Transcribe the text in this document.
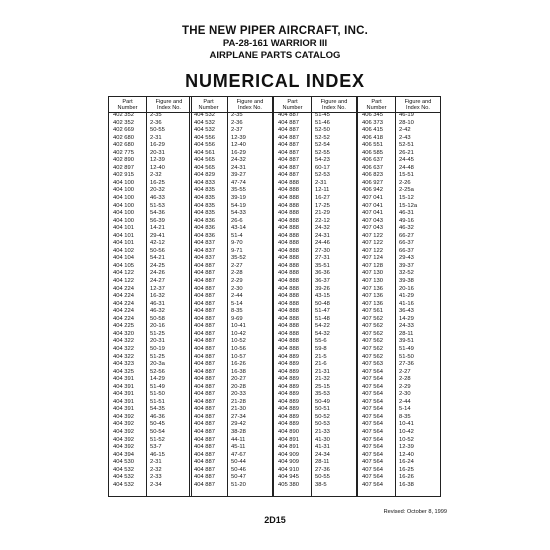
THE NEW PIPER AIRCRAFT, INC.
PA-28-161 WARRIOR III
AIRPLANE PARTS CATALOG
NUMERICAL INDEX
Part
Number
Figure and
Index No.
402 352	2-35
402 352	2-36
402 669	50-55
402 680	2-31
402 680	16-29
402 775	20-31
402 890	12-39
402 897	12-40
402 915	2-32
404 100	16-25
404 100	20-32
404 100	46-33
404 100	51-53
404 100	54-36
404 100	56-39
404 101	14-21
404 101	29-41
404 101	42-12
404 102	50-56
404 104	54-21
404 105	24-25
404 122	24-26
404 122	24-27
404 224	12-37
404 224	16-32
404 224	46-31
404 224	46-32
404 224	50-58
404 225	20-16
404 320	51-25
404 322	20-31
404 322	50-19
404 322	51-25
404 323	20-3a
404 325	52-56
404 391	14-29
404 391	51-49
404 391	51-50
404 391	51-51
404 391	54-35
404 392	46-36
404 392	50-45
404 392	50-54
404 392	51-52
404 392	53-7
404 394	46-15
404 530	2-31
404 532	2-32
404 532	2-33
404 532	2-34
Part
Number
Figure and
Index No.
404 532	2-35
404 532	2-36
404 532	2-37
404 556	12-39
404 556	12-40
404 561	16-29
404 565	24-32
404 565	24-31
404 829	39-27
404 833	47-74
404 835	35-55
404 835	39-19
404 835	54-19
404 835	54-33
404 836	26-6
404 836	43-14
404 836	51-4
404 837	9-70
404 837	9-71
404 837	35-52
404 887	2-27
404 887	2-28
404 887	2-29
404 887	2-30
404 887	2-44
404 887	5-14
404 887	8-35
404 887	9-69
404 887	10-41
404 887	10-42
404 887	10-52
404 887	10-56
404 887	10-57
404 887	16-26
404 887	16-38
404 887	20-27
404 887	20-28
404 887	20-33
404 887	21-28
404 887	21-30
404 887	27-34
404 887	29-42
404 887	38-28
404 887	44-11
404 887	45-11
404 887	47-67
404 887	50-44
404 887	50-46
404 887	50-47
404 887	51-20
Part
Number
Figure and
Index No.
404 887	51-45
404 887	51-46
404 887	52-50
404 887	52-52
404 887	52-54
404 887	52-55
404 887	54-23
404 887	60-17
404 887	52-53
404 888	2-31
404 888	12-11
404 888	16-27
404 888	17-25
404 888	21-29
404 888	22-12
404 888	24-32
404 888	24-31
404 888	24-46
404 888	27-30
404 888	27-31
404 888	35-51
404 888	36-36
404 888	36-37
404 888	39-26
404 888	43-15
404 888	50-48
404 888	51-47
404 888	51-48
404 888	54-22
404 888	54-32
404 888	55-6
404 888	59-8
404 889	21-5
404 889	21-6
404 889	21-31
404 889	21-32
404 889	25-15
404 889	35-53
404 889	50-49
404 889	50-51
404 889	50-52
404 889	50-53
404 890	21-33
404 891	41-30
404 891	41-31
404 909	24-34
404 909	28-11
404 910	27-36
404 945	50-55
405 380	38-5
Part
Number
Figure and
Index No.
406 345	46-19
406 373	28-10
406 415	2-42
406 418	2-43
406 551	52-51
406 585	26-21
406 637	24-45
406 637	24-48
406 823	15-51
406 927	2-26
406 942	2-25a
407 041	15-12
407 041	15-12a
407 041	46-31
407 043	49-16
407 043	46-32
407 122	66-27
407 122	66-37
407 122	66-37
407 124	29-43
407 128	39-37
407 130	32-52
407 130	39-38
407 136	20-16
407 136	41-29
407 136	41-16
407 561	36-43
407 562	14-29
407 562	24-33
407 562	28-11
407 562	39-51
407 562	51-49
407 562	51-50
407 563	27-36
407 564	2-27
407 564	2-28
407 564	2-29
407 564	2-30
407 564	2-44
407 564	5-14
407 564	8-35
407 564	10-41
407 564	10-42
407 564	10-52
407 564	12-39
407 564	12-40
407 564	16-24
407 564	16-25
407 564	16-26
407 564	16-38
Revised: October 8, 1999
2D15
